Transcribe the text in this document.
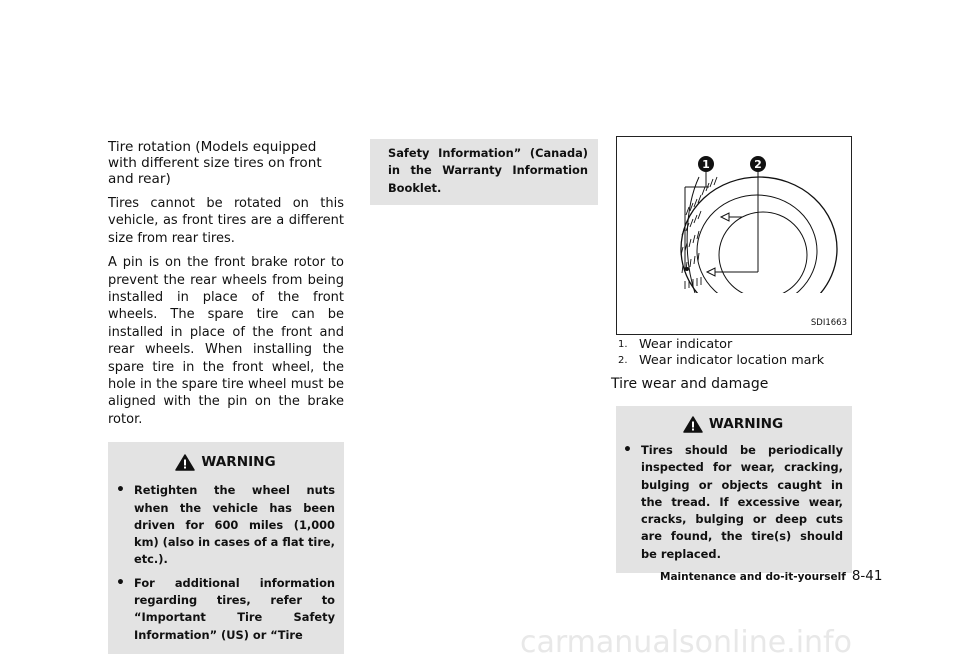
Tire rotation (Models equipped with different size tires on front and rear)

Tires cannot be rotated on this vehicle, as front tires are a different size from rear tires.

A pin is on the front brake rotor to prevent the rear wheels from being installed in place of the front wheels. The spare tire can be installed in place of the front and rear wheels. When installing the spare tire in the front wheel, the hole in the spare tire wheel must be aligned with the pin on the brake rotor.

WARNING
• Retighten the wheel nuts when the vehicle has been driven for 600 miles (1,000 km) (also in cases of a flat tire, etc.).
• For additional information regarding tires, refer to “Important Tire Safety Information” (US) or “Tire
Safety Information” (Canada) in the Warranty Information Booklet.
1	2
SDI1663
1. Wear indicator
2. Wear indicator location mark
Tire wear and damage
WARNING
• Tires should be periodically inspected for wear, cracking, bulging or objects caught in the tread. If excessive wear, cracks, bulging or deep cuts are found, the tire(s) should be replaced.
Maintenance and do-it-yourself 8-41
carmanualsonline.info
